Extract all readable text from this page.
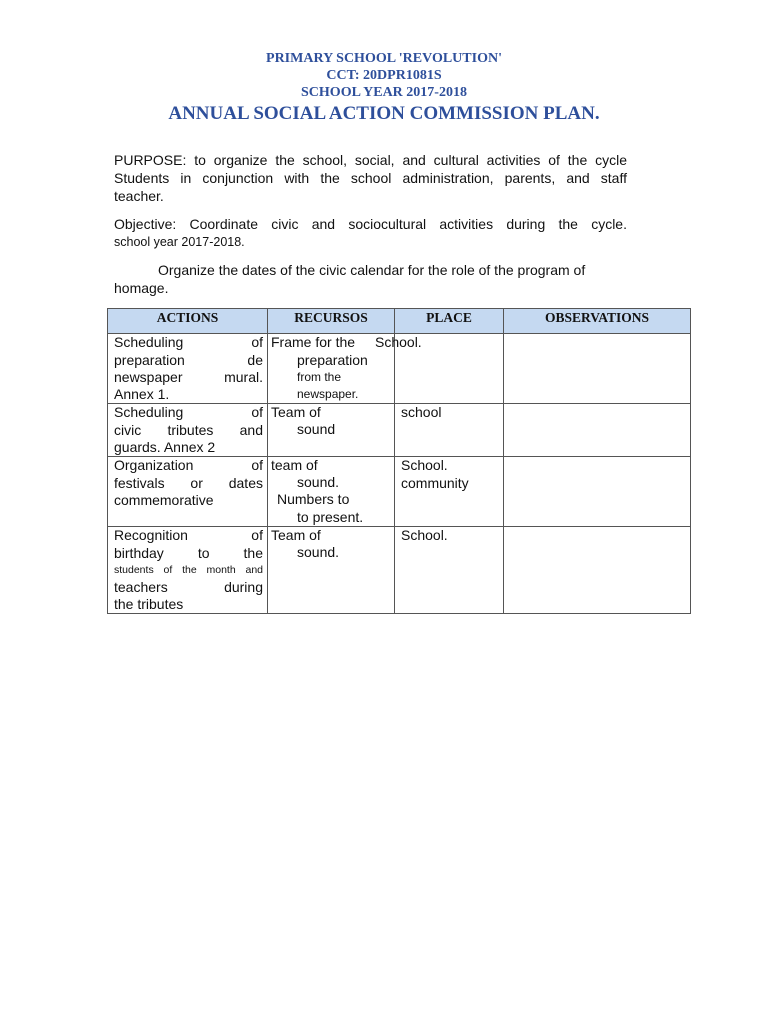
PRIMARY SCHOOL 'REVOLUTION'
CCT: 20DPR1081S
SCHOOL YEAR 2017-2018
ANNUAL SOCIAL ACTION COMMISSION PLAN.
PURPOSE: to organize the school, social, and cultural activities of the cycle
Students in conjunction with the school administration, parents, and staff
teacher.
Objective: Coordinate civic and sociocultural activities during the cycle.
school year 2017-2018.
Organize the dates of the civic calendar for the role of the program of
homage.
ACTIONS	RECURSOS	PLACE	OBSERVATIONS

Scheduling of
preparation de
newspaper mural.
Annex 1.	Frame for the
preparation
from the newspaper.	School.	

Scheduling of
civic tributes and
guards. Annex 2	Team of
sound	school	

Organization of
festivals or dates
commemorative	team of
sound.
Numbers to
to present.	School.
community	

Recognition of
birthday to the
students of the month and
teachers during
the tributes	Team of
sound.	School.	
